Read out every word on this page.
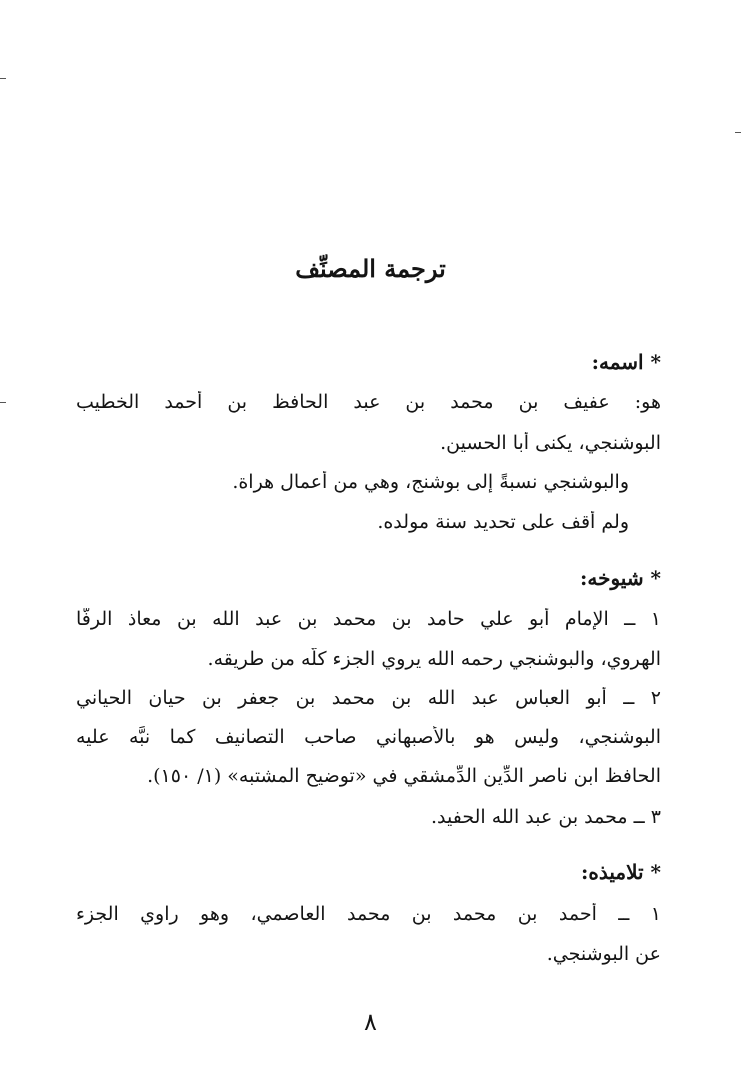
ترجمة المصنِّف
* اسمه:
هو: عفيف بن محمد بن عبد الحافظ بن أحمد الخطيب
البوشنجي، يكنى أبا الحسين.
والبوشنجي نسبةً إلى بوشنج، وهي من أعمال هراة.
ولم أقف على تحديد سنة مولده.
* شيوخه:
١ ــ الإمام أبو علي حامد بن محمد بن عبد الله بن معاذ الرفَّا
الهروي، والبوشنجي رحمه الله يروي الجزء كلّه من طريقه.
٢ ــ أبو العباس عبد الله بن محمد بن جعفر بن حيان الحياني
البوشنجي، وليس هو بالأصبهاني صاحب التصانيف كما نبَّه عليه
الحافظ ابن ناصر الدِّين الدِّمشقي في «توضيح المشتبه» (١/ ١٥٠).
٣ ــ محمد بن عبد الله الحفيد.
* تلاميذه:
١ ــ أحمد بن محمد بن محمد العاصمي، وهو راوي الجزء
عن البوشنجي.
٨
